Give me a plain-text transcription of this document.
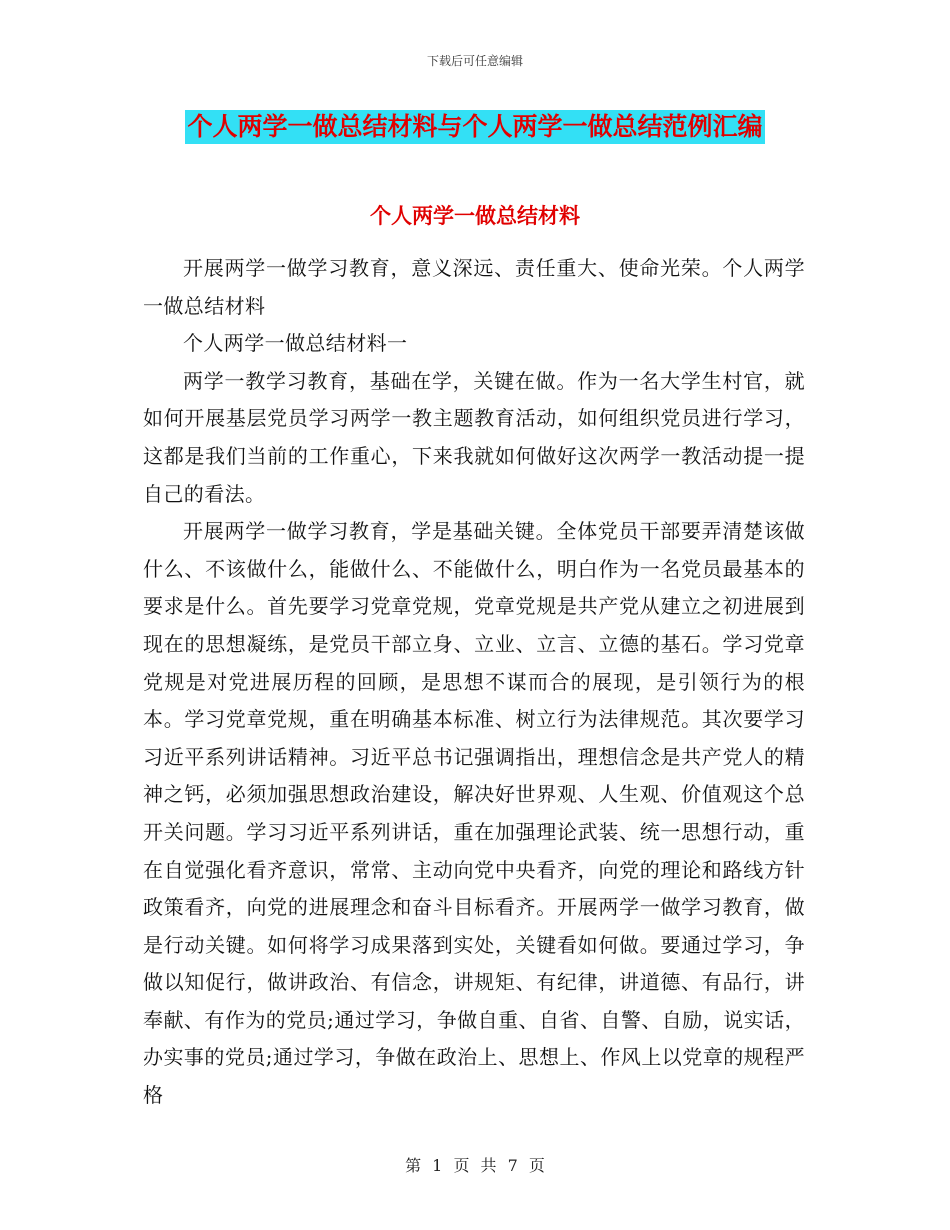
下载后可任意编辑
个人两学一做总结材料与个人两学一做总结范例汇编
个人两学一做总结材料

开展两学一做学习教育，意义深远、责任重大、使命光荣。个人两学一做总结材料

个人两学一做总结材料一

两学一教学习教育，基础在学，关键在做。作为一名大学生村官，就如何开展基层党员学习两学一教主题教育活动，如何组织党员进行学习，这都是我们当前的工作重心，下来我就如何做好这次两学一教活动提一提自己的看法。

开展两学一做学习教育，学是基础关键。全体党员干部要弄清楚该做什么、不该做什么，能做什么、不能做什么，明白作为一名党员最基本的要求是什么。首先要学习党章党规，党章党规是共产党从建立之初进展到现在的思想凝练，是党员干部立身、立业、立言、立德的基石。学习党章党规是对党进展历程的回顾，是思想不谋而合的展现，是引领行为的根本。学习党章党规，重在明确基本标准、树立行为法律规范。其次要学习习近平系列讲话精神。习近平总书记强调指出，理想信念是共产党人的精神之钙，必须加强思想政治建设，解决好世界观、人生观、价值观这个总开关问题。学习习近平系列讲话，重在加强理论武装、统一思想行动，重在自觉强化看齐意识，常常、主动向党中央看齐，向党的理论和路线方针政策看齐，向党的进展理念和奋斗目标看齐。开展两学一做学习教育，做是行动关键。如何将学习成果落到实处，关键看如何做。要通过学习，争做以知促行，做讲政治、有信念，讲规矩、有纪律，讲道德、有品行，讲奉献、有作为的党员;通过学习，争做自重、自省、自警、自励，说实话，办实事的党员;通过学习，争做在政治上、思想上、作风上以党章的规程严格

第 1 页 共 7 页
